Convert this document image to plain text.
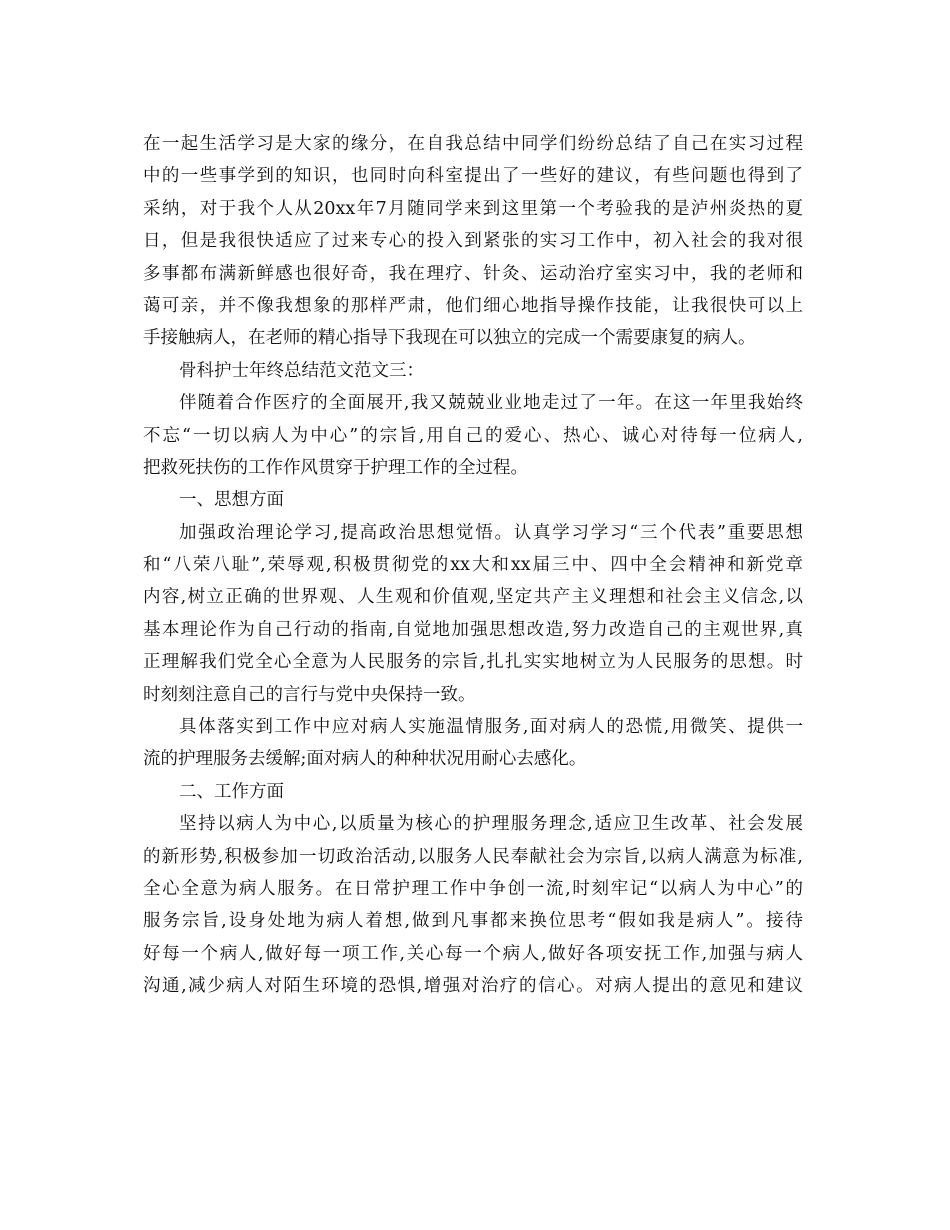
在一起生活学习是大家的缘分，在自我总结中同学们纷纷总结了自己在实习过程
中的一些事学到的知识，也同时向科室提出了一些好的建议，有些问题也得到了
采纳，对于我个人从20xx年7月随同学来到这里第一个考验我的是泸州炎热的夏
日，但是我很快适应了过来专心的投入到紧张的实习工作中，初入社会的我对很
多事都布满新鲜感也很好奇，我在理疗、针灸、运动治疗室实习中，我的老师和
蔼可亲，并不像我想象的那样严肃，他们细心地指导操作技能，让我很快可以上
手接触病人，在老师的精心指导下我现在可以独立的完成一个需要康复的病人。
骨科护士年终总结范文范文三：
伴随着合作医疗的全面展开,我又兢兢业业地走过了一年。在这一年里我始终
不忘“一切以病人为中心”的宗旨,用自己的爱心、热心、诚心对待每一位病人,
把救死扶伤的工作作风贯穿于护理工作的全过程。
一、思想方面
加强政治理论学习,提高政治思想觉悟。认真学习学习“三个代表”重要思想
和“八荣八耻”,荣辱观,积极贯彻党的xx大和xx届三中、四中全会精神和新党章
内容,树立正确的世界观、人生观和价值观,坚定共产主义理想和社会主义信念,以
基本理论作为自己行动的指南,自觉地加强思想改造,努力改造自己的主观世界,真
正理解我们党全心全意为人民服务的宗旨,扎扎实实地树立为人民服务的思想。时
时刻刻注意自己的言行与党中央保持一致。
具体落实到工作中应对病人实施温情服务,面对病人的恐慌,用微笑、提供一
流的护理服务去缓解;面对病人的种种状况用耐心去感化。
二、工作方面
坚持以病人为中心,以质量为核心的护理服务理念,适应卫生改革、社会发展
的新形势,积极参加一切政治活动,以服务人民奉献社会为宗旨,以病人满意为标准,
全心全意为病人服务。在日常护理工作中争创一流,时刻牢记“以病人为中心”的
服务宗旨,设身处地为病人着想,做到凡事都来换位思考“假如我是病人”。接待
好每一个病人,做好每一项工作,关心每一个病人,做好各项安抚工作,加强与病人
沟通,减少病人对陌生环境的恐惧,增强对治疗的信心。对病人提出的意见和建议
